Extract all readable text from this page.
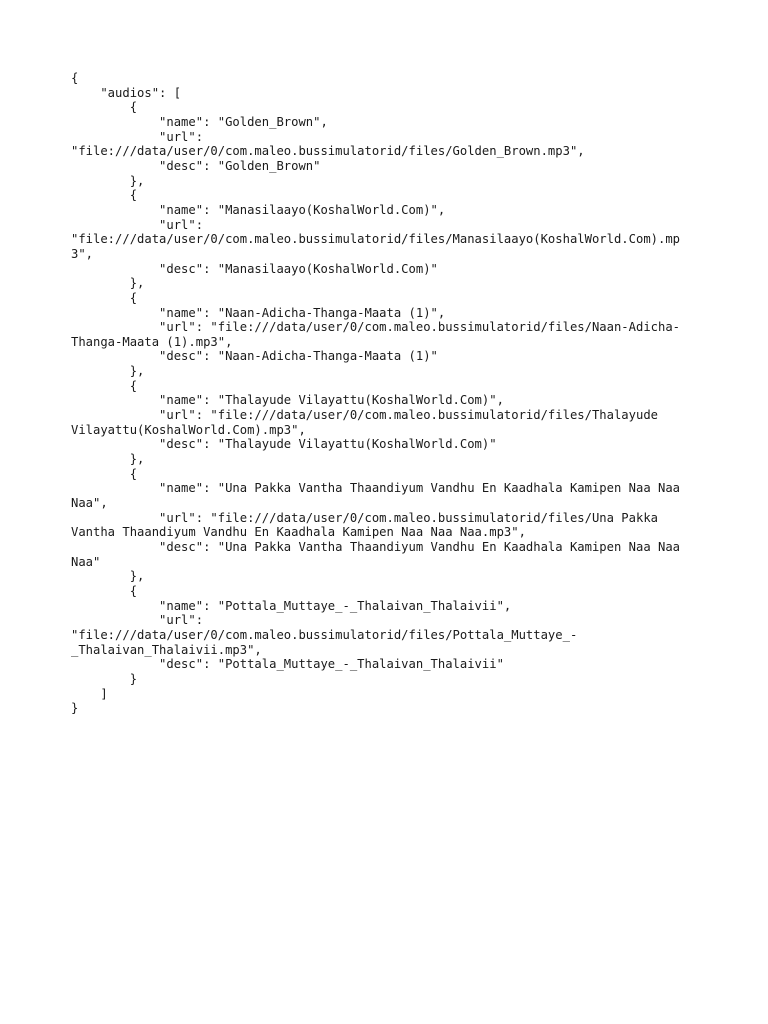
{
"audios": [
{
"name": "Golden_Brown",
"url":
"file:///data/user/0/com.maleo.bussimulatorid/files/Golden_Brown.mp3",
"desc": "Golden_Brown"
},
{
"name": "Manasilaayo(KoshalWorld.Com)",
"url":
"file:///data/user/0/com.maleo.bussimulatorid/files/Manasilaayo(KoshalWorld.Com).mp
3",
"desc": "Manasilaayo(KoshalWorld.Com)"
},
{
"name": "Naan-Adicha-Thanga-Maata (1)",
"url": "file:///data/user/0/com.maleo.bussimulatorid/files/Naan-Adicha-
Thanga-Maata (1).mp3",
"desc": "Naan-Adicha-Thanga-Maata (1)"
},
{
"name": "Thalayude Vilayattu(KoshalWorld.Com)",
"url": "file:///data/user/0/com.maleo.bussimulatorid/files/Thalayude
Vilayattu(KoshalWorld.Com).mp3",
"desc": "Thalayude Vilayattu(KoshalWorld.Com)"
},
{
"name": "Una Pakka Vantha Thaandiyum Vandhu En Kaadhala Kamipen Naa Naa
Naa",
"url": "file:///data/user/0/com.maleo.bussimulatorid/files/Una Pakka
Vantha Thaandiyum Vandhu En Kaadhala Kamipen Naa Naa Naa.mp3",
"desc": "Una Pakka Vantha Thaandiyum Vandhu En Kaadhala Kamipen Naa Naa
Naa"
},
{
"name": "Pottala_Muttaye_-_Thalaivan_Thalaivii",
"url":
"file:///data/user/0/com.maleo.bussimulatorid/files/Pottala_Muttaye_-
_Thalaivan_Thalaivii.mp3",
"desc": "Pottala_Muttaye_-_Thalaivan_Thalaivii"
}
]
}
